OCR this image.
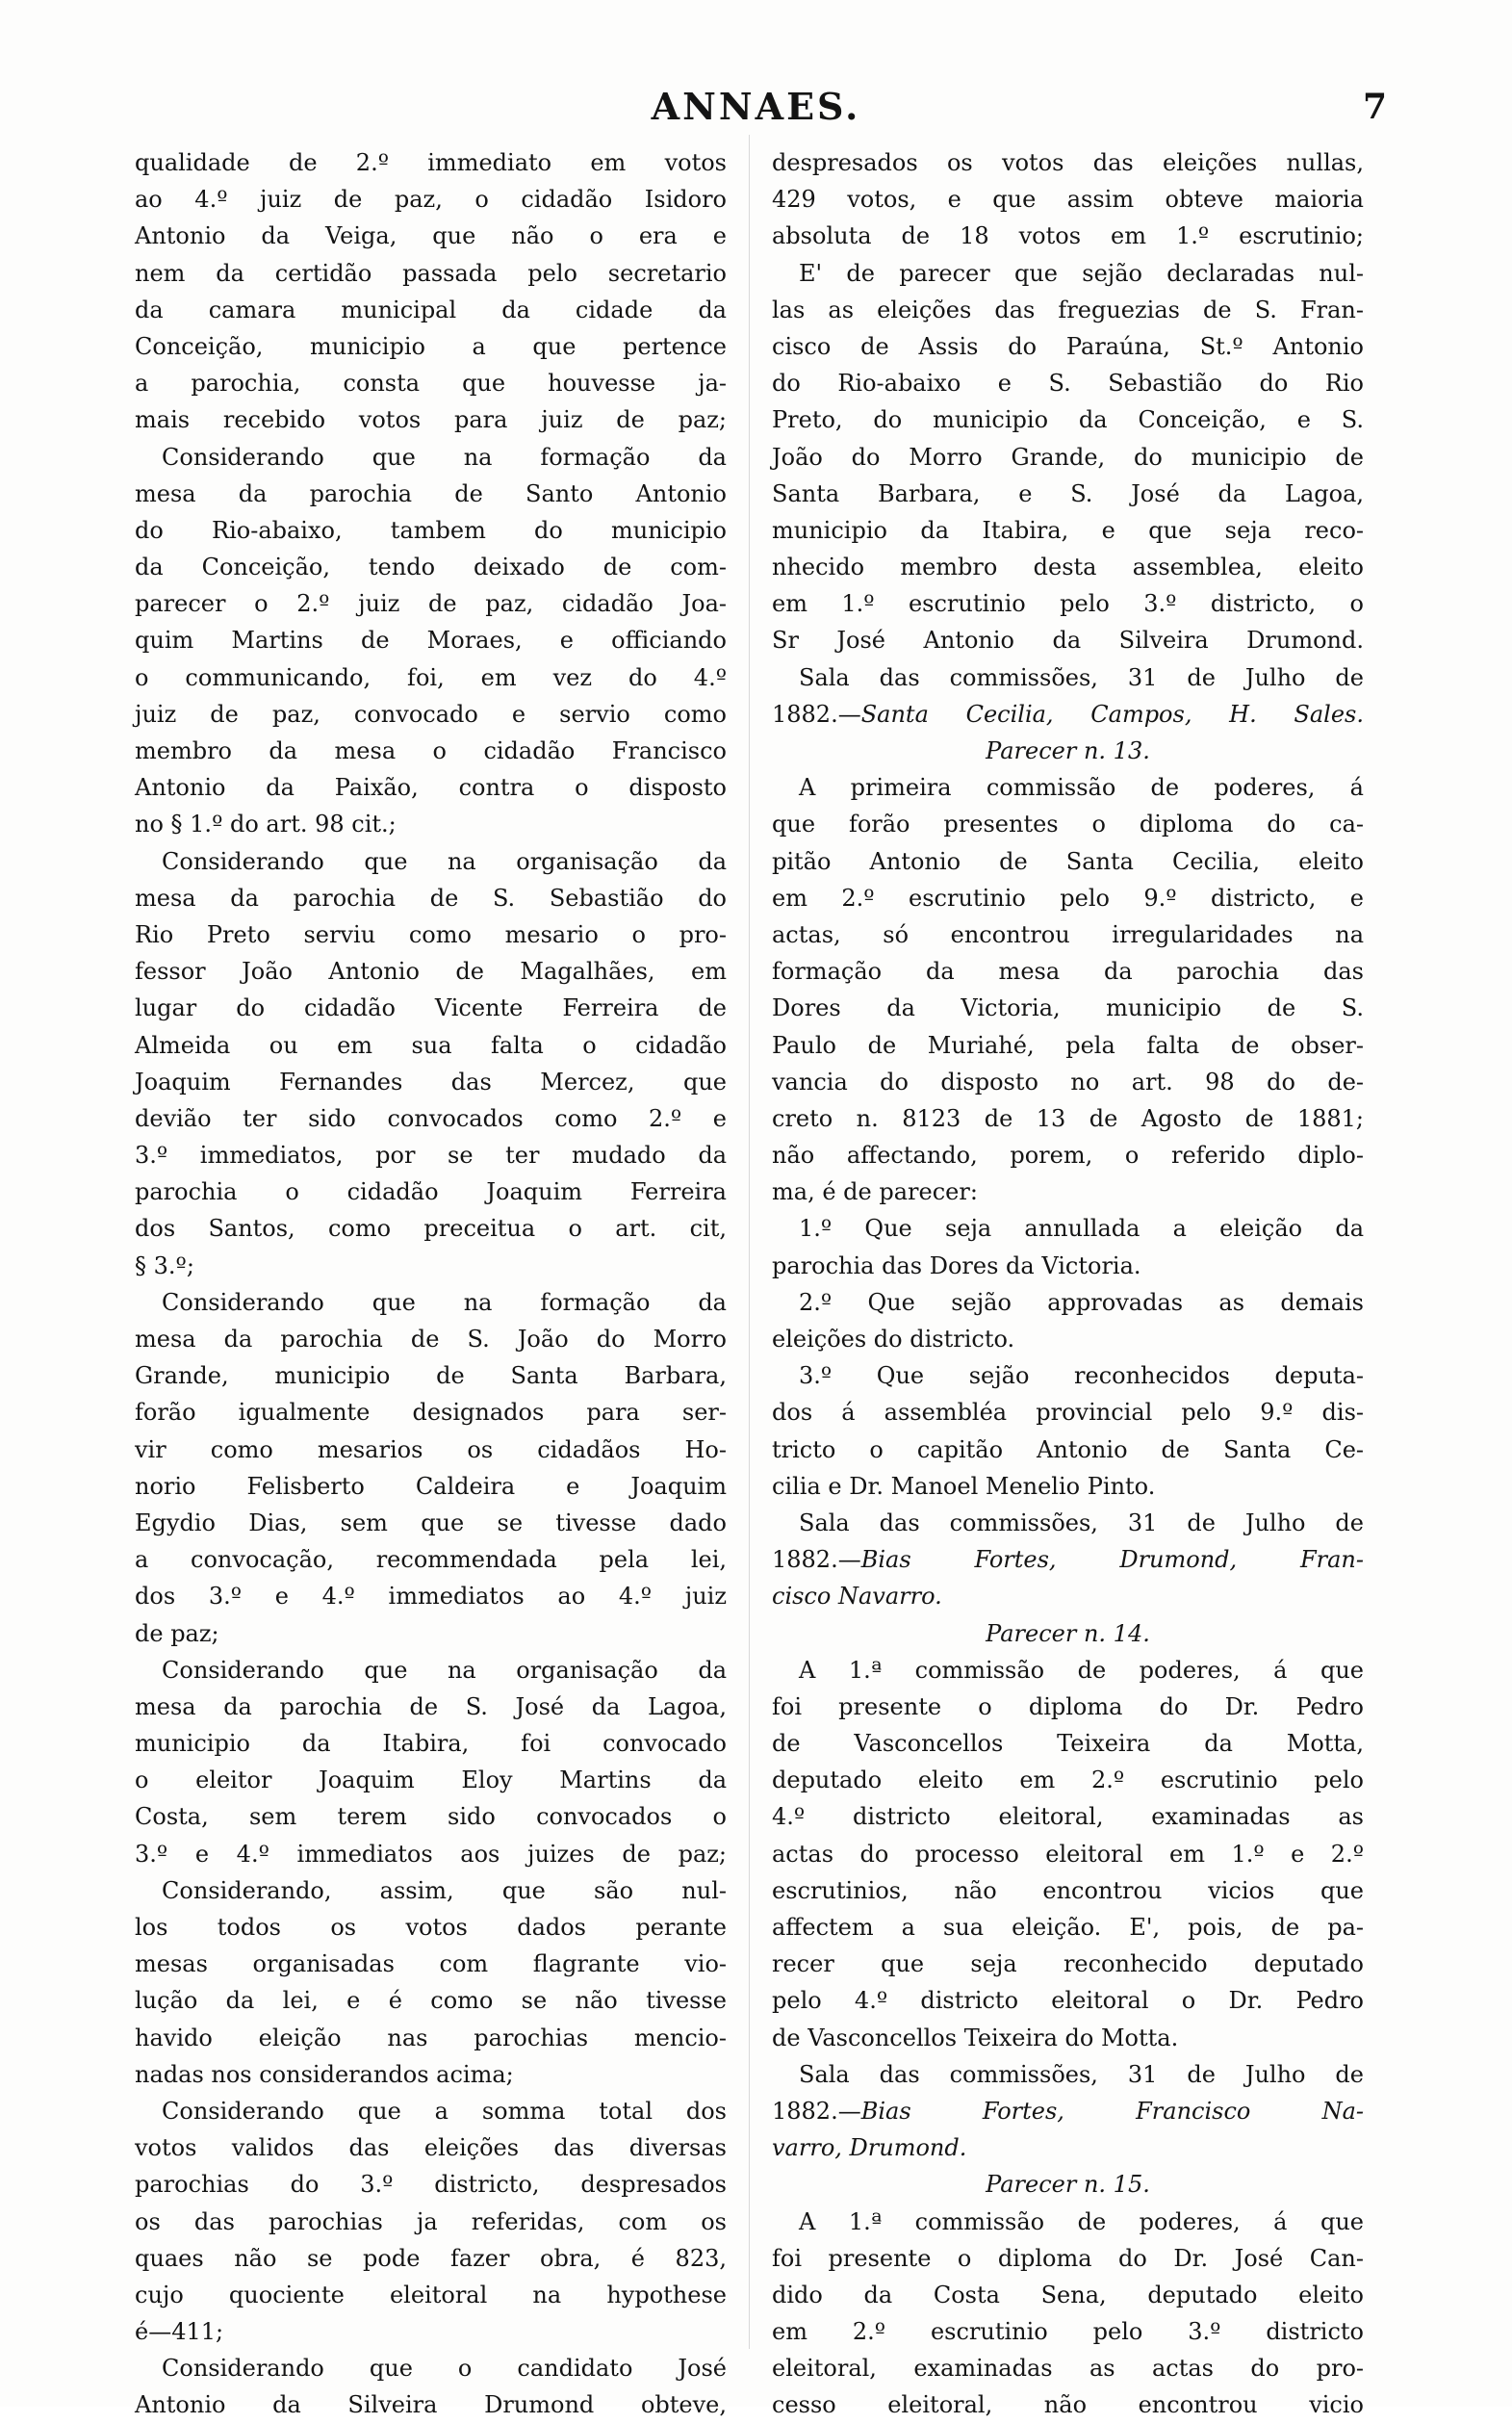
ANNAES.	7
qualidade de 2.º immediato em votos
ao 4.º juiz de paz, o cidadão Isidoro
Antonio da Veiga, que não o era e
nem da certidão passada pelo secretario
da camara municipal da cidade da
Conceição, municipio a que pertence
a parochia, consta que houvesse ja-
mais recebido votos para juiz de paz;
Considerando que na formação da
mesa da parochia de Santo Antonio
do Rio-abaixo, tambem do municipio
da Conceição, tendo deixado de com-
parecer o 2.º juiz de paz, cidadão Joa-
quim Martins de Moraes, e officiando
o communicando, foi, em vez do 4.º
juiz de paz, convocado e servio como
membro da mesa o cidadão Francisco
Antonio da Paixão, contra o disposto
no § 1.º do art. 98 cit.;
Considerando que na organisação da
mesa da parochia de S. Sebastião do
Rio Preto serviu como mesario o pro-
fessor João Antonio de Magalhães, em
lugar do cidadão Vicente Ferreira de
Almeida ou em sua falta o cidadão
Joaquim Fernandes das Mercez, que
devião ter sido convocados como 2.º e
3.º immediatos, por se ter mudado da
parochia o cidadão Joaquim Ferreira
dos Santos, como preceitua o art. cit,
§ 3.º;
Considerando que na formação da
mesa da parochia de S. João do Morro
Grande, municipio de Santa Barbara,
forão igualmente designados para ser-
vir como mesarios os cidadãos Ho-
norio Felisberto Caldeira e Joaquim
Egydio Dias, sem que se tivesse dado
a convocação, recommendada pela lei,
dos 3.º e 4.º immediatos ao 4.º juiz
de paz;
Considerando que na organisação da
mesa da parochia de S. José da Lagoa,
municipio da Itabira, foi convocado
o eleitor Joaquim Eloy Martins da
Costa, sem terem sido convocados o
3.º e 4.º immediatos aos juizes de paz;
Considerando, assim, que são nul-
los todos os votos dados perante
mesas organisadas com flagrante vio-
lução da lei, e é como se não tivesse
havido eleição nas parochias mencio-
nadas nos considerandos acima;
Considerando que a somma total dos
votos validos das eleições das diversas
parochias do 3.º districto, despresados
os das parochias ja referidas, com os
quaes não se pode fazer obra, é 823,
cujo quociente eleitoral na hypothese
é—411;
Considerando que o candidato José
Antonio da Silveira Drumond obteve,
despresados os votos das eleições nullas,
429 votos, e que assim obteve maioria
absoluta de 18 votos em 1.º escrutinio;
E' de parecer que sejão declaradas nul-
las as eleições das freguezias de S. Fran-
cisco de Assis do Paraúna, St.º Antonio
do Rio-abaixo e S. Sebastião do Rio
Preto, do municipio da Conceição, e S.
João do Morro Grande, do municipio de
Santa Barbara, e S. José da Lagoa,
municipio da Itabira, e que seja reco-
nhecido membro desta assemblea, eleito
em 1.º escrutinio pelo 3.º districto, o
Sr José Antonio da Silveira Drumond.
Sala das commissões, 31 de Julho de
1882.—Santa Cecilia, Campos, H. Sales.
Parecer n. 13.
A primeira commissão de poderes, á
que forão presentes o diploma do ca-
pitão Antonio de Santa Cecilia, eleito
em 2.º escrutinio pelo 9.º districto, e
actas, só encontrou irregularidades na
formação da mesa da parochia das
Dores da Victoria, municipio de S.
Paulo de Muriahé, pela falta de obser-
vancia do disposto no art. 98 do de-
creto n. 8123 de 13 de Agosto de 1881;
não affectando, porem, o referido diplo-
ma, é de parecer:
1.º Que seja annullada a eleição da
parochia das Dores da Victoria.
2.º Que sejão approvadas as demais
eleições do districto.
3.º Que sejão reconhecidos deputa-
dos á assembléa provincial pelo 9.º dis-
tricto o capitão Antonio de Santa Ce-
cilia e Dr. Manoel Menelio Pinto.
Sala das commissões, 31 de Julho de
1882.—Bias Fortes, Drumond, Fran-
cisco Navarro.
Parecer n. 14.
A 1.ª commissão de poderes, á que
foi presente o diploma do Dr. Pedro
de Vasconcellos Teixeira da Motta,
deputado eleito em 2.º escrutinio pelo
4.º districto eleitoral, examinadas as
actas do processo eleitoral em 1.º e 2.º
escrutinios, não encontrou vicios que
affectem a sua eleição. E', pois, de pa-
recer que seja reconhecido deputado
pelo 4.º districto eleitoral o Dr. Pedro
de Vasconcellos Teixeira do Motta.
Sala das commissões, 31 de Julho de
1882.—Bias Fortes, Francisco Na-
varro, Drumond.
Parecer n. 15.
A 1.ª commissão de poderes, á que
foi presente o diploma do Dr. José Can-
dido da Costa Sena, deputado eleito
em 2.º escrutinio pelo 3.º districto
eleitoral, examinadas as actas do pro-
cesso eleitoral, não encontrou vicio
